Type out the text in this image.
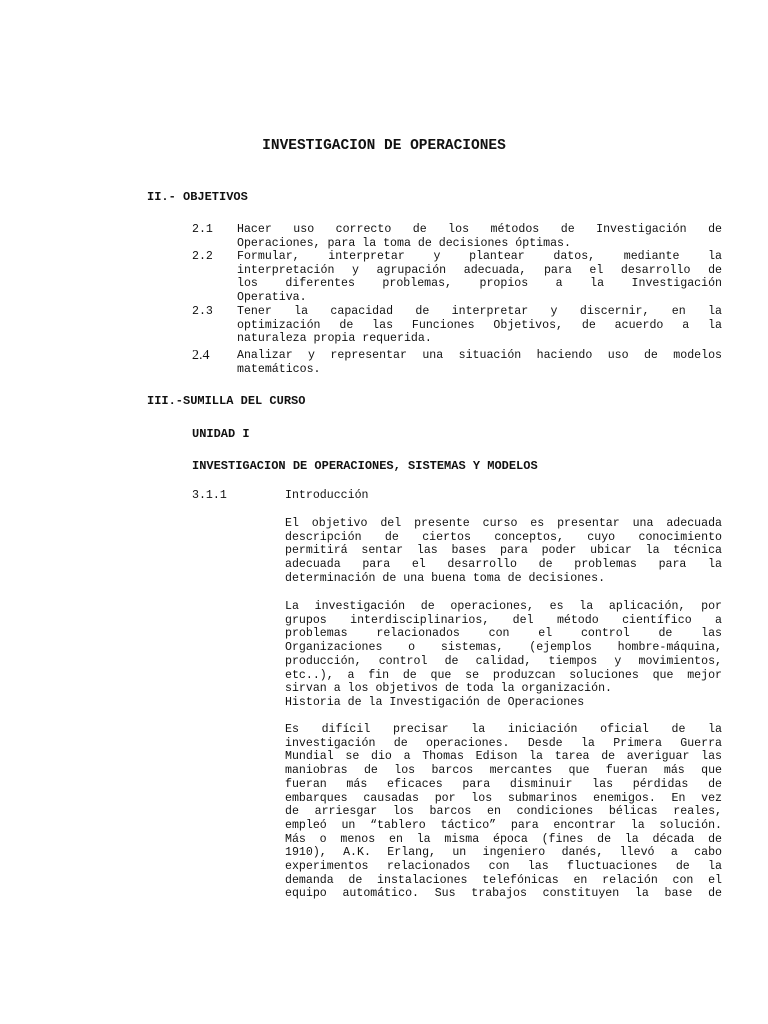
INVESTIGACION DE OPERACIONES
II.- OBJETIVOS
2.1 Hacer uso correcto de los métodos de Investigación de
Operaciones, para la toma de decisiones óptimas.
2.2 Formular, interpretar y plantear datos, mediante la
interpretación y agrupación adecuada, para el desarrollo de
los diferentes problemas, propios a la Investigación
Operativa.
2.3 Tener la capacidad de interpretar y discernir, en la
optimización de las Funciones Objetivos, de acuerdo a la
naturaleza propia requerida.
2.4 Analizar y representar una situación haciendo uso de modelos
matemáticos.
III.-SUMILLA DEL CURSO
UNIDAD I
INVESTIGACION DE OPERACIONES, SISTEMAS Y MODELOS
3.1.1	Introducción
El objetivo del presente curso es presentar una adecuada
descripción de ciertos conceptos, cuyo conocimiento
permitirá sentar las bases para poder ubicar la técnica
adecuada para el desarrollo de problemas para la
determinación de una buena toma de decisiones.
La investigación de operaciones, es la aplicación, por
grupos interdisciplinarios, del método científico a
problemas relacionados con el control de las
Organizaciones o sistemas, (ejemplos hombre-máquina,
producción, control de calidad, tiempos y movimientos,
etc..), a fin de que se produzcan soluciones que mejor
sirvan a los objetivos de toda la organización.
Historia de la Investigación de Operaciones
Es difícil precisar la iniciación oficial de la
investigación de operaciones. Desde la Primera Guerra
Mundial se dio a Thomas Edison la tarea de averiguar las
maniobras de los barcos mercantes que fueran más que
fueran más eficaces para disminuir las pérdidas de
embarques causadas por los submarinos enemigos. En vez
de arriesgar los barcos en condiciones bélicas reales,
empleó un “tablero táctico” para encontrar la solución.
Más o menos en la misma época (fines de la década de
1910), A.K. Erlang, un ingeniero danés, llevó a cabo
experimentos relacionados con las fluctuaciones de la
demanda de instalaciones telefónicas en relación con el
equipo automático. Sus trabajos constituyen la base de
